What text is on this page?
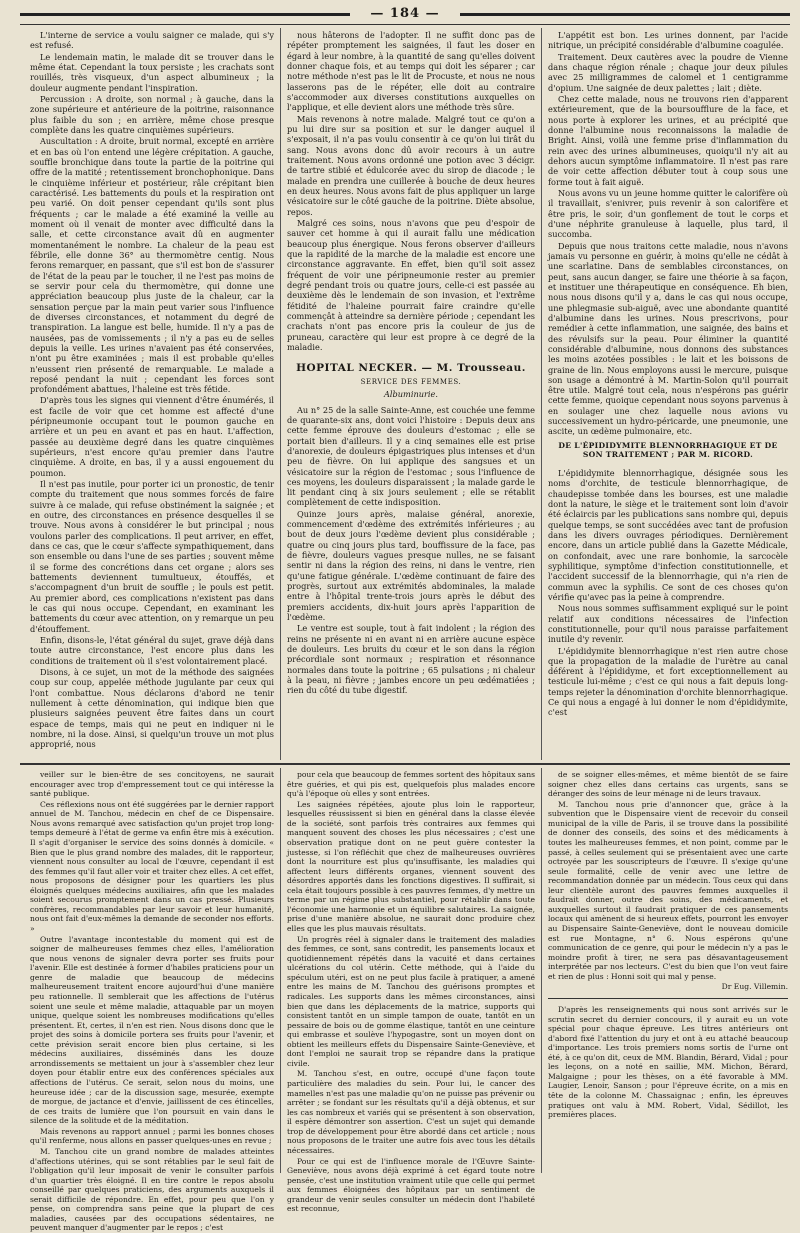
— 184 —

L'interne de service a voulu saigner ce malade, qui s'y est refusé.

Le lendemain matin, le malade dit se trouver dans le même état. Cependant la toux persiste ; les crachats sont rouillés, très visqueux, d'un aspect albumineux ; la douleur augmente pendant l'inspiration.

Percussion : A droite, son normal ; à gauche, dans la zone supérieure et antérieure de la poitrine, raisonnance plus faible du son ; en arrière, même chose presque complète dans les quatre cinquièmes supérieurs.

Auscultation : A droite, bruit normal, excepté en arrière et en bas où l'on entend une légère crépitation. A gauche, souffle bronchique dans toute la partie de la poitrine qui offre de la matité ; retentissement bronchophonique. Dans le cinquième inférieur et postérieur, râle crépitant bien caractérisé. Les battements du pouls et la respiration ont peu varié. On doit penser cependant qu'ils sont plus fréquents ; car le malade a été examiné la veille au moment où il venait de monter avec difficulté dans la salle, et cette circonstance avait dû en augmenter momentanément le nombre. La chaleur de la peau est fébrile, elle donne 36° au thermomètre centig. Nous ferons remarquer, en passant, que s'il est bon de s'assurer de l'état de la peau par le toucher, il ne l'est pas moins de se servir pour cela du thermomètre, qui donne une appréciation beaucoup plus juste de la chaleur, car la sensation perçue par la main peut varier sous l'influence de diverses circonstances, et notamment du degré de transpiration. La langue est belle, humide. Il n'y a pas de nausées, pas de vomissements ; il n'y a pas eu de selles depuis la veille. Les urines n'avaient pas été conservées, n'ont pu être examinées ; mais il est probable qu'elles n'eussent rien présenté de remarquable. Le malade a reposé pendant la nuit ; cependant les forces sont profondément abattues, l'haleine est très fétide.

D'après tous les signes qui viennent d'être énumérés, il est facile de voir que cet homme est affecté d'une péripneumonie occupant tout le poumon gauche en arrière et un peu en avant et pas en haut. L'affection, passée au deuxième degré dans les quatre cinquièmes supérieurs, n'est encore qu'au premier dans l'autre cinquième. A droite, en bas, il y a aussi engouement du poumon.

Il n'est pas inutile, pour porter ici un pronostic, de tenir compte du traitement que nous sommes forcés de faire suivre à ce malade, qui refuse obstinément la saignée ; et en outre, des circonstances en présence desquelles il se trouve. Nous avons à considérer le but principal ; nous voulons parler des complications. Il peut arriver, en effet, dans ce cas, que le cœur s'affecte sympathiquement, dans son ensemble ou dans l'une de ses parties ; souvent même il se forme des concrétions dans cet organe ; alors ses battements deviennent tumultueux, étouffés, et s'accompagnent d'un bruit de souffle ; le pouls est petit. Au premier abord, ces complications n'existent pas dans le cas qui nous occupe. Cependant, en examinant les battements du cœur avec attention, on y remarque un peu d'étouffement.

Enfin, disons-le, l'état général du sujet, grave déjà dans toute autre circonstance, l'est encore plus dans les conditions de traitement où il s'est volontairement placé.

Disons, à ce sujet, un mot de la méthode des saignées coup sur coup, appelée méthode jugulante par ceux qui l'ont combattue. Nous déclarons d'abord ne tenir nullement à cette dénomination, qui indique bien que plusieurs saignées peuvent être faites dans un court espace de temps, mais qui ne peut en indiquer ni le nombre, ni la dose. Ainsi, si quelqu'un trouve un mot plus approprié, nous

nous hâterons de l'adopter. Il ne suffit donc pas de répéter promptement les saignées, il faut les doser en égard à leur nombre, à la quantité de sang qu'elles doivent donner chaque fois, et au temps qui doit les séparer ; car notre méthode n'est pas le lit de Procuste, et nous ne nous lasserons pas de le répéter, elle doit au contraire s'accommoder aux diverses constitutions auxquelles on l'applique, et elle devient alors une méthode très sûre.

Mais revenons à notre malade. Malgré tout ce qu'on a pu lui dire sur sa position et sur le danger auquel il s'exposait, il n'a pas voulu consentir à ce qu'on lui tirât du sang. Nous avons donc dû avoir recours à un autre traitement. Nous avons ordonné une potion avec 3 décigr. de tartre stibié et édulcorée avec du sirop de diacode ; le malade en prendra une cuillerée à bouche de deux heures en deux heures. Nous avons fait de plus appliquer un large vésicatoire sur le côté gauche de la poitrine. Diète absolue, repos.

Malgré ces soins, nous n'avons que peu d'espoir de sauver cet homme à qui il aurait fallu une médication beaucoup plus énergique. Nous ferons observer d'ailleurs que la rapidité de la marche de la maladie est encore une circonstance aggravante. En effet, bien qu'il soit assez fréquent de voir une péripneumonie rester au premier degré pendant trois ou quatre jours, celle-ci est passée au deuxième dès le lendemain de son invasion, et l'extrême fétidité de l'haleine pourrait faire craindre qu'elle commençât à atteindre sa dernière période ; cependant les crachats n'ont pas encore pris la couleur de jus de pruneau, caractère qui leur est propre à ce degré de la maladie.

HOPITAL NECKER. — M. Trousseau.
SERVICE DES FEMMES.
Albuminurie.

Au n° 25 de la salle Sainte-Anne, est couchée une femme de quarante-six ans, dont voici l'histoire : Depuis deux ans cette femme éprouve des douleurs d'estomac ; elle se portait bien d'ailleurs. Il y a cinq semaines elle est prise d'anorexie, de douleurs épigastriques plus intenses et d'un peu de fièvre. On lui applique des sangsues et un vésicatoire sur la région de l'estomac ; sous l'influence de ces moyens, les douleurs disparaissent ; la malade garde le lit pendant cinq à six jours seulement ; elle se rétablit complètement de cette indisposition.

Quinze jours après, malaise général, anorexie, commencement d'œdème des extrémités inférieures ; au bout de deux jours l'œdème devient plus considérable ; quatre ou cinq jours plus tard, bouffissure de la face, pas de fièvre, douleurs vagues presque nulles, ne se faisant sentir ni dans la région des reins, ni dans le ventre, rien qu'une fatigue générale. L'œdème continuant de faire des progrès, surtout aux extrémités abdominales, la malade entre à l'hôpital trente-trois jours après le début des premiers accidents, dix-huit jours après l'apparition de l'œdème.

Le ventre est souple, tout à fait indolent ; la région des reins ne présente ni en avant ni en arrière aucune espèce de douleurs. Les bruits du cœur et le son dans la région précordiale sont normaux ; respiration et résonnance normales dans toute la poitrine ; 65 pulsations ; ni chaleur à la peau, ni fièvre ; jambes encore un peu œdématiées ; rien du côté du tube digestif.

L'appétit est bon. Les urines donnent, par l'acide nitrique, un précipité considérable d'albumine coagulée.

Traitement. Deux cautères avec la poudre de Vienne dans chaque région rénale ; chaque jour deux pilules avec 25 milligrammes de calomel et 1 centigramme d'opium. Une saignée de deux palettes ; lait ; diète.

Chez cette malade, nous ne trouvons rien d'apparent extérieurement, que de la boursoufflure de la face, et nous porte à explorer les urines, et au précipité que donne l'albumine nous reconnaissons la maladie de Bright. Ainsi, voilà une femme prise d'inflammation du rein avec des urines albumineuses, quoiqu'il n'y ait au dehors aucun symptôme inflammatoire. Il n'est pas rare de voir cette affection débuter tout à coup sous une forme tout à fait aiguë.

Nous avons vu un jeune homme quitter le calorifère où il travaillait, s'enivrer, puis revenir à son calorifère et être pris, le soir, d'un gonflement de tout le corps et d'une néphrite granuleuse à laquelle, plus tard, il succomba.

Depuis que nous traitons cette maladie, nous n'avons jamais vu personne en guérir, à moins qu'elle ne cédât à une scarlatine. Dans de semblables circonstances, on peut, sans aucun danger, se faire une théorie à sa façon, et instituer une thérapeutique en conséquence. Eh bien, nous nous disons qu'il y a, dans le cas qui nous occupe, une phlegmasie sub-aiguë, avec une abondante quantité d'albumine dans les urines. Nous prescrivons, pour remédier à cette inflammation, une saignée, des bains et des révulsifs sur la peau. Pour éliminer la quantité considérable d'albumine, nous donnons des substances les moins azotées possibles : le lait et les boissons de graine de lin. Nous employons aussi le mercure, puisque son usage a démontré à M. Martin-Solon qu'il pourrait être utile. Malgré tout cela, nous n'espérons pas guérir cette femme, quoique cependant nous soyons parvenus à en soulager une chez laquelle nous avions vu successivement un hydro-péricarde, une pneumonie, une ascite, un œdème pulmonaire, etc.

DE L'ÉPIDIDYMITE BLENNORRHAGIQUE ET DE SON TRAITEMENT ; PAR M. RICORD.

L'épididymite blennorrhagique, désignée sous les noms d'orchite, de testicule blennorrhagique, de chaudepisse tombée dans les bourses, est une maladie dont la nature, le siège et le traitement sont loin d'avoir été éclaircis par les publications sans nombre qui, depuis quelque temps, se sont succédées avec tant de profusion dans les divers ouvrages périodiques. Dernièrement encore, dans un article publié dans la Gazette Médicale, on confondait, avec une rare bonhomie, la sarcocèle syphilitique, symptôme d'infection constitutionnelle, et l'accident successif de la blennorrhagie, qui n'a rien de commun avec la syphilis. Ce sont de ces choses qu'on vérifie qu'avec pas la peine à comprendre.

Nous nous sommes suffisamment expliqué sur le point relatif aux conditions nécessaires de l'infection constitutionnelle, pour qu'il nous paraisse parfaitement inutile d'y revenir.

L'épididymite blennorrhagique n'est rien autre chose que la propagation de la maladie de l'urètre au canal déférent à l'épididyme, et fort exceptionnellement au testicule lui-même ; c'est ce qui nous a fait depuis long-temps rejeter la dénomination d'orchite blennorrhagique. Ce qui nous a engagé à lui donner le nom d'épididymite, c'est

veiller sur le bien-être de ses concitoyens, ne saurait encourager avec trop d'empressement tout ce qui intéresse la santé publique.

Ces réflexions nous ont été suggérées par le dernier rapport annuel de M. Tanchou, médecin en chef de ce Dispensaire. Nous avons remarqué avec satisfaction qu'un projet trop long-temps demeuré à l'état de germe va enfin être mis à exécution. Il s'agit d'organiser le service des soins donnés à domicile. « Bien que le plus grand nombre des malades, dit le rapporteur, viennent nous consulter au local de l'œuvre, cependant il est des femmes qu'il faut aller voir et traiter chez elles. A cet effet, nous proposons de désigner pour les quartiers les plus éloignés quelques médecins auxiliaires, afin que les malades soient secourus promptement dans un cas pressé. Plusieurs confrères, recommandables par leur savoir et leur humanité, nous ont fait d'eux-mêmes la demande de seconder nos efforts. »

Outre l'avantage incontestable du moment qui est de soigner de malheureuses femmes chez elles, l'amélioration que nous venons de signaler devra porter ses fruits pour l'avenir. Elle est destinée à former d'habiles praticiens pour un genre de maladie que beaucoup de médecins malheureusement traitent encore aujourd'hui d'une manière peu rationnelle. Il semblerait que les affections de l'utérus soient une seule et même maladie, attaquable par un moyen unique, quelque soient les nombreuses modifications qu'elles présentent. Et, certes, il n'en est rien. Nous disons donc que le projet des soins à domicile portera ses fruits pour l'avenir, et cette prévision serait encore bien plus certaine, si les médecins auxiliaires, disséminés dans les douze arrondissements se mettaient un jour à s'assembler chez leur doyen pour établir entre eux des conférences spéciales aux affections de l'utérus. Ce serait, selon nous du moins, une heureuse idée ; car de la discussion sage, mesurée, exempte de morgue, de jactance et d'envie, jaillissent de ces étincelles, de ces traits de lumière que l'on poursuit en vain dans le silence de la solitude et de la méditation.

Mais revenons au rapport annuel ; parmi les bonnes choses qu'il renferme, nous allons en passer quelques-unes en revue ;

M. Tanchou cite un grand nombre de malades atteintes d'affections utérines, qui se sont rétablies par le seul fait de l'obligation qu'il leur imposait de venir le consulter parfois d'un quartier très éloigné. Il en tire contre le repos absolu conseillé par quelques praticiens, des arguments auxquels il serait difficile de répondre. En effet, pour peu que l'on y pense, on comprendra sans peine que la plupart de ces maladies, causées par des occupations sédentaires, ne peuvent manquer d'augmenter par le repos ; c'est

pour cela que beaucoup de femmes sortent des hôpitaux sans être guéries, et qui pis est, quelquefois plus malades encore qu'à l'époque où elles y sont entrées.

Les saignées répétées, ajoute plus loin le rapporteur, lesquelles réussissent si bien en général dans la classe élevée de la société, sont parfois très contraires aux femmes qui manquent souvent des choses les plus nécessaires ; c'est une observation pratique dont on ne peut guère contester la justesse, si l'on réfléchit que chez de malheureuses ouvrières dont la nourriture est plus qu'insuffisante, les maladies qui affectent leurs différents organes, viennent souvent des désordres apportés dans les fonctions digestives. Il suffirait, si cela était toujours possible à ces pauvres femmes, d'y mettre un terme par un régime plus substantiel, pour rétablir dans toute l'économie une harmonie et un équilibre salutaires. La saignée, prise d'une manière absolue, ne saurait donc produire chez elles que les plus mauvais résultats.

Un progrès réel à signaler dans le traitement des maladies des femmes, ce sont, sans contredit, les pansements locaux et quotidiennement répétés dans la vacuité et dans certaines ulcérations du col utérin. Cette méthode, qui à l'aide du spéculum utéri, est on ne peut plus facile à pratiquer, a amené entre les mains de M. Tanchou des guérisons promptes et radicales. Les supports dans les mêmes circonstances, ainsi bien que dans les déplacements de la matrice, supports qui consistent tantôt en un simple tampon de ouate, tantôt en un pessaire de bois ou de gomme élastique, tantôt en une ceinture qui embrasse et soulève l'hypogastre, sont un moyen dont on obtient les meilleurs effets du Dispensaire Sainte-Geneviève, et dont l'emploi ne saurait trop se répandre dans la pratique civile.

M. Tanchou s'est, en outre, occupé d'une façon toute particulière des maladies du sein. Pour lui, le cancer des mamelles n'est pas une maladie qu'on ne puisse pas prévenir ou arrêter ; se fondant sur les résultats qu'il a déjà obtenus, et sur les cas nombreux et variés qui se présentent à son observation, il espère démontrer son assertion. C'est un sujet qui demande trop de développement pour être abordé dans cet article ; nous nous proposons de le traiter une autre fois avec tous les détails nécessaires.

Pour ce qui est de l'influence morale de l'Œuvre Sainte-Geneviève, nous avons déjà exprimé à cet égard toute notre pensée, c'est une institution vraiment utile que celle qui permet aux femmes éloignées des hôpitaux par un sentiment de grandeur de venir seules consulter un médecin dont l'habileté est reconnue,

de se soigner elles-mêmes, et même bientôt de se faire soigner chez elles dans certains cas urgents, sans se déranger des soins de leur ménage ni de leurs travaux.

M. Tanchou nous prie d'annoncer que, grâce à la subvention que le Dispensaire vient de recevoir du conseil municipal de la ville de Paris, il se trouve dans la possibilité de donner des conseils, des soins et des médicaments à toutes les malheureuses femmes, et non point, comme par le passé, à celles seulement qui se présentaient avec une carte octroyée par les souscripteurs de l'œuvre. Il s'exige qu'une seule formalité, celle de venir avec une lettre de recommandation donnée par un médecin. Tous ceux qui dans leur clientèle auront des pauvres femmes auxquelles il faudrait donner, outre des soins, des médicaments, et auxquelles surtout il faudrait pratiquer de ces pansements locaux qui amènent de si heureux effets, pourront les envoyer au Dispensaire Sainte-Geneviève, dont le nouveau domicile est rue Montagne, n° 6. Nous espérons qu'une communication de ce genre, qui pour le médecin n'y a pas le moindre profit à tirer, ne sera pas désavantageusement interprétée par nos lecteurs. C'est du bien que l'on veut faire et rien de plus : Honni soit qui mal y pense.

Dr Eug. Villemin.

D'après les renseignements qui nous sont arrivés sur le scrutin secret du dernier concours, il y aurait eu un vote spécial pour chaque épreuve. Les titres antérieurs ont d'abord fixé l'attention du jury et ont à eu attaché beaucoup d'importance. Les trois premiers noms sortis de l'urne ont été, à ce qu'on dit, ceux de MM. Blandin, Bérard, Vidal ; pour les leçons, on a noté en saillie, MM. Michon, Bérard, Malgaigne ; pour les thèses, on a été favorable à MM. Laugier, Lenoir, Sanson ; pour l'épreuve écrite, on a mis en tête de la colonne M. Chassaignac ; enfin, les épreuves pratiques ont valu à MM. Robert, Vidal, Sédillot, les premières places.
